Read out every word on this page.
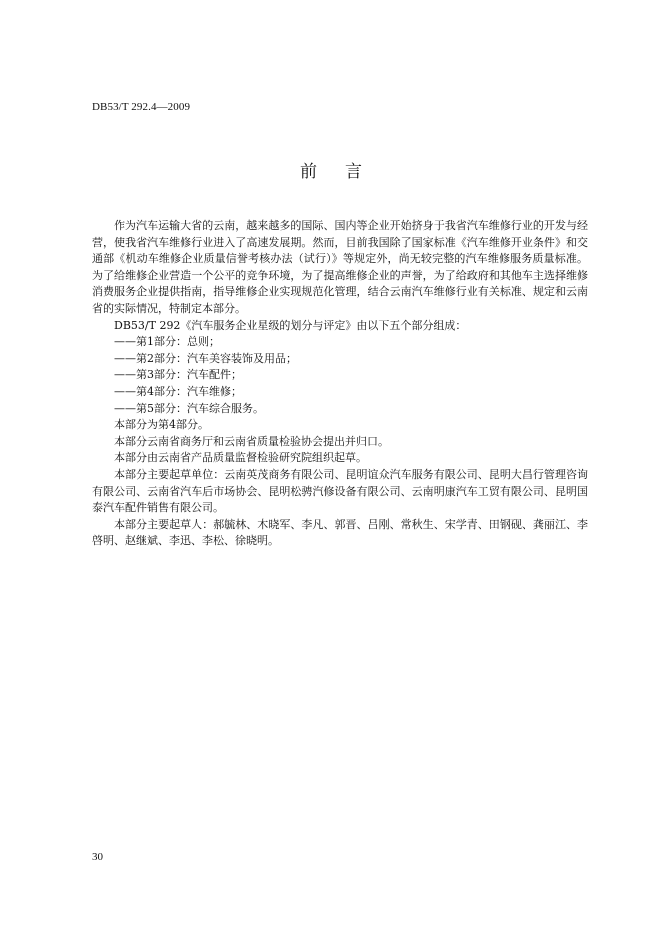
DB53/T 292.4—2009
前言

作为汽车运输大省的云南，越来越多的国际、国内等企业开始挤身于我省汽车维修行业的开发与经营，使我省汽车维修行业进入了高速发展期。然而，目前我国除了国家标准《汽车维修开业条件》和交通部《机动车维修企业质量信誉考核办法（试行）》等规定外，尚无较完整的汽车维修服务质量标准。为了给维修企业营造一个公平的竞争环境，为了提高维修企业的声誉，为了给政府和其他车主选择维修消费服务企业提供指南，指导维修企业实现规范化管理，结合云南汽车维修行业有关标准、规定和云南省的实际情况，特制定本部分。

DB53/T 292《汽车服务企业星级的划分与评定》由以下五个部分组成：

——第1部分：总则；

——第2部分：汽车美容装饰及用品；

——第3部分：汽车配件；

——第4部分：汽车维修；

——第5部分：汽车综合服务。

本部分为第4部分。

本部分云南省商务厅和云南省质量检验协会提出并归口。

本部分由云南省产品质量监督检验研究院组织起草。

本部分主要起草单位：云南英茂商务有限公司、昆明谊众汽车服务有限公司、昆明大昌行管理咨询有限公司、云南省汽车后市场协会、昆明松骋汽修设备有限公司、云南明康汽车工贸有限公司、昆明国泰汽车配件销售有限公司。

本部分主要起草人：郝毓林、木晓军、李凡、郭晋、吕刚、常秋生、宋学青、田钢砚、龚丽江、李啓明、赵继斌、李迅、李松、徐晓明。

30
